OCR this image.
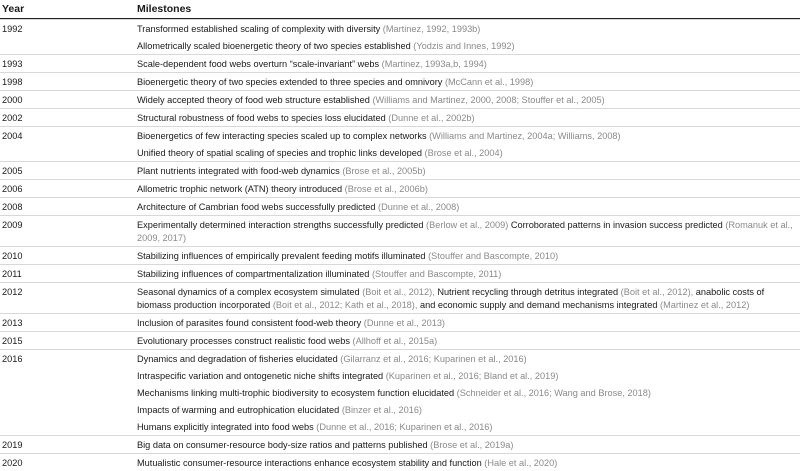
Year	Milestones
1992	Transformed established scaling of complexity with diversity (Martinez, 1992, 1993b)
Allometrically scaled bioenergetic theory of two species established (Yodzis and Innes, 1992)
1993	Scale-dependent food webs overturn “scale-invariant” webs (Martinez, 1993a,b, 1994)
1998	Bioenergetic theory of two species extended to three species and omnivory (McCann et al., 1998)
2000	Widely accepted theory of food web structure established (Williams and Martinez, 2000, 2008; Stouffer et al., 2005)
2002	Structural robustness of food webs to species loss elucidated (Dunne et al., 2002b)
2004	Bioenergetics of few interacting species scaled up to complex networks (Williams and Martinez, 2004a; Williams, 2008)
Unified theory of spatial scaling of species and trophic links developed (Brose et al., 2004)
2005	Plant nutrients integrated with food-web dynamics (Brose et al., 2005b)
2006	Allometric trophic network (ATN) theory introduced (Brose et al., 2006b)
2008	Architecture of Cambrian food webs successfully predicted (Dunne et al., 2008)
2009	Experimentally determined interaction strengths successfully predicted (Berlow et al., 2009) Corroborated patterns in invasion success predicted (Romanuk et al., 2009, 2017)
2010	Stabilizing influences of empirically prevalent feeding motifs illuminated (Stouffer and Bascompte, 2010)
2011	Stabilizing influences of compartmentalization illuminated (Stouffer and Bascompte, 2011)
2012	Seasonal dynamics of a complex ecosystem simulated (Boit et al., 2012), Nutrient recycling through detritus integrated (Boit et al., 2012), anabolic costs of biomass production incorporated (Boit et al., 2012; Kath et al., 2018), and economic supply and demand mechanisms integrated (Martinez et al., 2012)
2013	Inclusion of parasites found consistent food-web theory (Dunne et al., 2013)
2015	Evolutionary processes construct realistic food webs (Allhoff et al., 2015a)
2016	Dynamics and degradation of fisheries elucidated (Gilarranz et al., 2016; Kuparinen et al., 2016)
Intraspecific variation and ontogenetic niche shifts integrated (Kuparinen et al., 2016; Bland et al., 2019)
Mechanisms linking multi-trophic biodiversity to ecosystem function elucidated (Schneider et al., 2016; Wang and Brose, 2018)
Impacts of warming and eutrophication elucidated (Binzer et al., 2016)
Humans explicitly integrated into food webs (Dunne et al., 2016; Kuparinen et al., 2016)
2019	Big data on consumer-resource body-size ratios and patterns published (Brose et al., 2019a)
2020	Mutualistic consumer-resource interactions enhance ecosystem stability and function (Hale et al., 2020)
